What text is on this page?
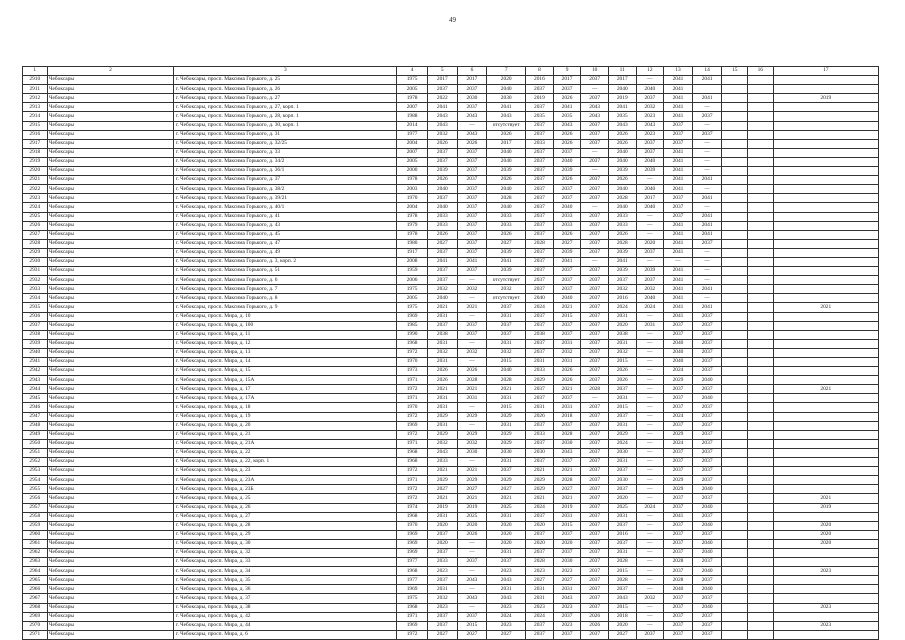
49
1	2	3	4	5	6	7	8	9	10	11	12	13	14	15	16	17
2910	Чебоксары	г. Чебоксары, просп. Максима Горького, д. 25	1975	2017	2017	2020	2016	2017	2037	2017	—	2041	2041			
2911	Чебоксары	г. Чебоксары, просп. Максима Горького, д. 26	2005	2037	2037	2040	2037	2037	—	2040	2040	2041				
2912	Чебоксары	г. Чебоксары, просп. Максима Горького, д. 27	1978	2022	2030	2030	2019	2026	2037	2019	2037	2041	2041			2019
2913	Чебоксары	г. Чебоксары, просп. Максима Горького, д. 27, корп. 1	2007	2041	2037	2041	2037	2041	2043	2041	2032	2041	—			
2914	Чебоксары	г. Чебоксары, просп. Максима Горького, д. 28, корп. 1	1988	2043	2043	2043	2035	2035	2043	2035	2023	2041	2037			
2915	Чебоксары	г. Чебоксары, просп. Максима Горького, д. 30, корп. 1	2014	2043	—	отсутствует	2037	2043	2037	2043	2043	2037	—			
2916	Чебоксары	г. Чебоксары, просп. Максима Горького, д. 31	1977	2032	2043	2026	2037	2026	2037	2026	2023	2037	2037			
2917	Чебоксары	г. Чебоксары, просп. Максима Горького, д. 32/25	2004	2026	2026	2017	2033	2026	2037	2026	2037	2037	—			
2918	Чебоксары	г. Чебоксары, просп. Максима Горького, д. 33	2007	2037	2037	2040	2037	2037	—	2040	2037	2041	—			
2919	Чебоксары	г. Чебоксары, просп. Максима Горького, д. 34/2	2005	2037	2037	2040	2037	2040	2037	2040	2040	2041	—			
2920	Чебоксары	г. Чебоксары, просп. Максима Горького, д. 36/1	2000	2039	2037	2039	2037	2039	—	2039	2039	2041	—			
2921	Чебоксары	г. Чебоксары, просп. Максима Горького, д. 37	1978	2026	2037	2026	2037	2026	2037	2026	—	2041	2041			
2922	Чебоксары	г. Чебоксары, просп. Максима Горького, д. 38/2	2003	2040	2037	2040	2037	2037	2037	2040	2040	2041	—			
2923	Чебоксары	г. Чебоксары, просп. Максима Горького, д. 39/21	1970	2037	2037	2028	2037	2037	2037	2028	2017	2037	2041			
2924	Чебоксары	г. Чебоксары, просп. Максима Горького, д. 40/1	2004	2040	2037	2040	2037	2040	—	2040	2040	2037	—			
2925	Чебоксары	г. Чебоксары, просп. Максима Горького, д. 41	1978	2033	2037	2033	2037	2033	2037	2033	—	2037	2041			
2926	Чебоксары	г. Чебоксары, просп. Максима Горького, д. 43	1979	2033	2037	2033	2037	2033	2037	2033	—	2041	2041			
2927	Чебоксары	г. Чебоксары, просп. Максима Горького, д. 45	1978	2026	2037	2026	2037	2026	2037	2026	—	2041	2041			
2928	Чебоксары	г. Чебоксары, просп. Максима Горького, д. 47	1980	2027	2037	2027	2028	2027	2037	2028	2020	2041	2037			
2929	Чебоксары	г. Чебоксары, просп. Максима Горького, д. 49	1917	2037	2037	2039	2037	2039	2037	2039	2037	2041	—			
2930	Чебоксары	г. Чебоксары, просп. Максима Горького, д. 3, корп. 2	2008	2041	2041	2041	2037	2041	—	2041	—	—	—			
2931	Чебоксары	г. Чебоксары, просп. Максима Горького, д. 51	1959	2037	2037	2039	2037	2037	2037	2039	2039	2041	—			
2932	Чебоксары	г. Чебоксары, просп. Максима Горького, д. 6	2006	2037	—	отсутствует	2037	2037	2037	2037	2037	2041	—			
2933	Чебоксары	г. Чебоксары, просп. Максима Горького, д. 7	1975	2032	2032	2032	2037	2037	2037	2032	2032	2041	2041			
2934	Чебоксары	г. Чебоксары, просп. Максима Горького, д. 8	2005	2040	—	отсутствует	2040	2040	2037	2016	2040	2041	—			
2935	Чебоксары	г. Чебоксары, просп. Максима Горького, д. 9	1975	2021	2021	2037	2024	2021	2037	2024	2024	2041	2041			2021
2936	Чебоксары	г. Чебоксары, просп. Мира, д. 10	1969	2031	—	2031	2037	2015	2037	2031	—	2041	2037			
2937	Чебоксары	г. Чебоксары, просп. Мира, д. 100	1985	2037	2037	2037	2037	2037	2037	2020	2031	2037	2037			
2938	Чебоксары	г. Чебоксары, просп. Мира, д. 11	1990	2038	2037	2037	2038	2037	2037	2038	—	2037	2037			
2939	Чебоксары	г. Чебоксары, просп. Мира, д. 12	1968	2031	—	2031	2037	2031	2037	2031	—	2040	2037			
2940	Чебоксары	г. Чебоксары, просп. Мира, д. 13	1972	2032	2032	2032	2037	2032	2037	2032	—	2040	2037			
2941	Чебоксары	г. Чебоксары, просп. Мира, д. 14	1970	2031	—	2015	2031	2031	2037	2015	—	2040	2037			
2942	Чебоксары	г. Чебоксары, просп. Мира, д. 15	1973	2026	2026	2040	2033	2026	2037	2026	—	2024	2037			
2943	Чебоксары	г. Чебоксары, просп. Мира, д. 15А	1971	2026	2028	2028	2029	2026	2037	2026	—	2029	2040			
2944	Чебоксары	г. Чебоксары, просп. Мира, д. 17	1972	2021	2021	2021	2037	2021	2028	2037	—	2037	2037			2021
2945	Чебоксары	г. Чебоксары, просп. Мира, д. 17А	1971	2031	2031	2031	2037	2037	—	2031	—	2037	2040			
2946	Чебоксары	г. Чебоксары, просп. Мира, д. 18	1970	2031	—	2015	2031	2031	2037	2015	—	2037	2037			
2947	Чебоксары	г. Чебоксары, просп. Мира, д. 19	1972	2029	2029	2029	2026	2018	2037	2037	—	2024	2037			
2948	Чебоксары	г. Чебоксары, просп. Мира, д. 20	1969	2031	—	2031	2037	2037	2037	2031	—	2037	2037			
2949	Чебоксары	г. Чебоксары, просп. Мира, д. 21	1972	2029	2029	2029	2033	2028	2037	2029	—	2029	2037			
2950	Чебоксары	г. Чебоксары, просп. Мира, д. 21А	1971	2032	2032	2029	2037	2030	2037	2024	—	2024	2037			
2951	Чебоксары	г. Чебоксары, просп. Мира, д. 22	1968	2043	2030	2030	2030	2043	2037	2030	—	2037	2037			
2952	Чебоксары	г. Чебоксары, просп. Мира, д. 22, корп. 1	1968	2033	—	2031	2037	2037	2037	2031	—	2037	2037			
2953	Чебоксары	г. Чебоксары, просп. Мира, д. 23	1972	2021	2021	2037	2021	2021	2037	2037	—	2037	2037			
2954	Чебоксары	г. Чебоксары, просп. Мира, д. 23А	1971	2029	2029	2029	2029	2028	2037	2030	—	2029	2037			
2955	Чебоксары	г. Чебоксары, просп. Мира, д. 23Б	1972	2027	2027	2027	2029	2027	2037	2037	—	2029	2040			
2956	Чебоксары	г. Чебоксары, просп. Мира, д. 25	1972	2021	2021	2021	2021	2021	2037	2020	—	2037	2037			2021
2957	Чебоксары	г. Чебоксары, просп. Мира, д. 26	1974	2019	2019	2025	2024	2019	2037	2025	2024	2037	2040			2019
2958	Чебоксары	г. Чебоксары, просп. Мира, д. 27	1968	2031	2025	2031	2037	2031	2037	2031	—	2041	2037			
2959	Чебоксары	г. Чебоксары, просп. Мира, д. 28	1970	2020	2020	2020	2020	2015	2037	2037	—	2037	2040			2020
2960	Чебоксары	г. Чебоксары, просп. Мира, д. 29	1969	2037	2026	2020	2037	2037	2037	2016	—	2037	2037			2020
2961	Чебоксары	г. Чебоксары, просп. Мира, д. 30	1969	2020	—	2020	2020	2020	2037	2037	—	2037	2040			2020
2962	Чебоксары	г. Чебоксары, просп. Мира, д. 32	1969	2037	—	2031	2037	2037	2037	2031	—	2037	2040			
2963	Чебоксары	г. Чебоксары, просп. Мира, д. 33	1977	2033	2037	2037	2028	2030	2037	2028	—	2028	2037			
2964	Чебоксары	г. Чебоксары, просп. Мира, д. 34	1968	2023	—	2023	2023	2023	2037	2015	—	2037	2040			2023
2965	Чебоксары	г. Чебоксары, просп. Мира, д. 35	1977	2037	2043	2043	2027	2027	2037	2028	—	2028	2037			
2966	Чебоксары	г. Чебоксары, просп. Мира, д. 36	1969	2031	—	2031	2031	2031	2037	2037	—	2040	2040			
2967	Чебоксары	г. Чебоксары, просп. Мира, д. 37	1975	2032	2043	2043	2031	2043	2037	2043	2032	2037	2037			
2968	Чебоксары	г. Чебоксары, просп. Мира, д. 38	1968	2023	—	2023	2023	2023	2037	2015	—	2037	2040			2023
2969	Чебоксары	г. Чебоксары, просп. Мира, д. 42	1971	2037	2037	2024	2024	2037	2026	2018	—	2037	2037			
2970	Чебоксары	г. Чебоксары, просп. Мира, д. 44	1969	2037	2015	2023	2037	2023	2026	2020	—	2037	2037			2023
2971	Чебоксары	г. Чебоксары, просп. Мира, д. 6	1972	2027	2027	2027	2037	2037	2037	2027	2037	2037	2037			
